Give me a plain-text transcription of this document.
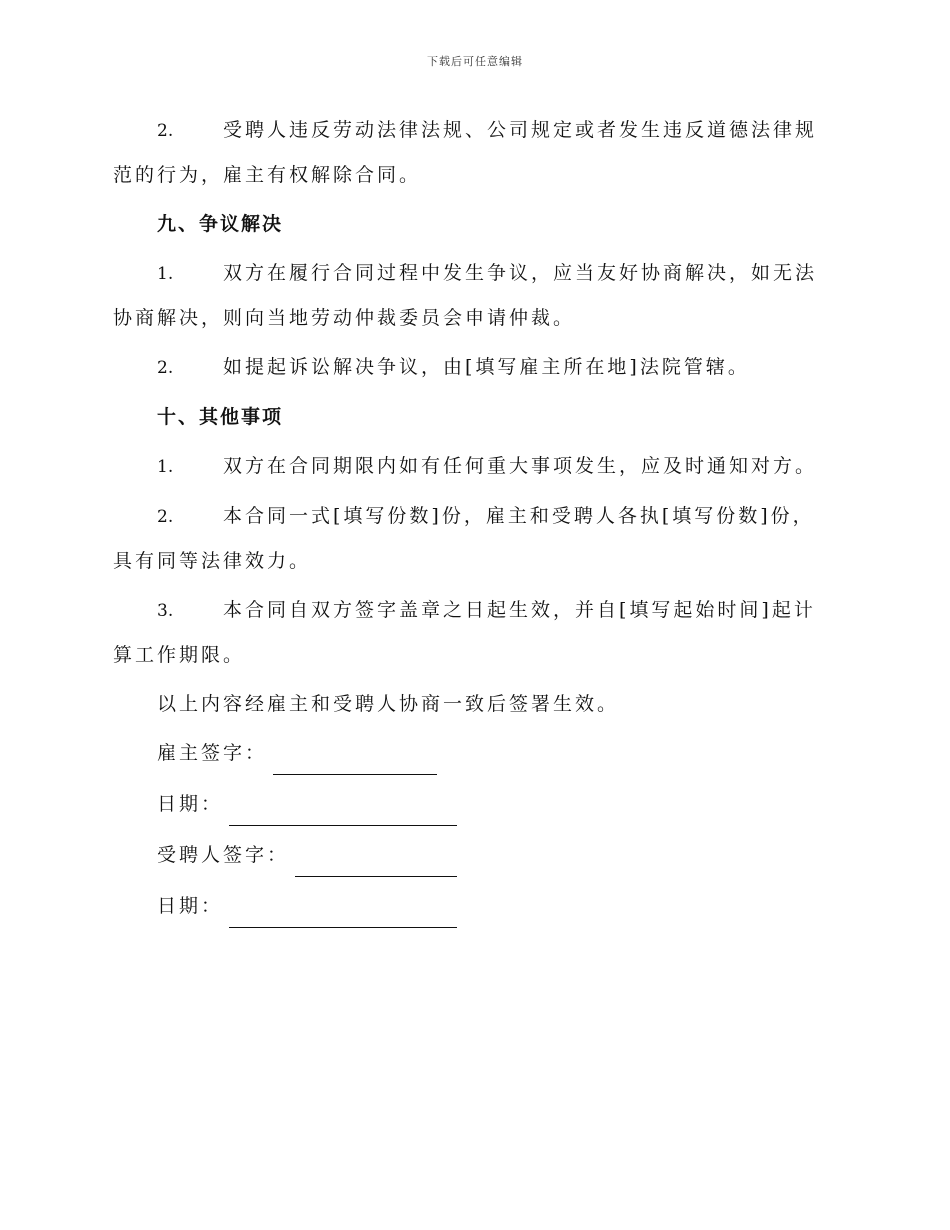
下载后可任意编辑
2.	受聘人违反劳动法律法规、公司规定或者发生违反道德法律规范的行为，雇主有权解除合同。
九、争议解决
1.	双方在履行合同过程中发生争议，应当友好协商解决，如无法协商解决，则向当地劳动仲裁委员会申请仲裁。
2.	如提起诉讼解决争议，由[填写雇主所在地]法院管辖。
十、其他事项
1.	双方在合同期限内如有任何重大事项发生，应及时通知对方。
2.	本合同一式[填写份数]份，雇主和受聘人各执[填写份数]份，具有同等法律效力。
3.	本合同自双方签字盖章之日起生效，并自[填写起始时间]起计算工作期限。
以上内容经雇主和受聘人协商一致后签署生效。
雇主签字：
日期：
受聘人签字：
日期：
